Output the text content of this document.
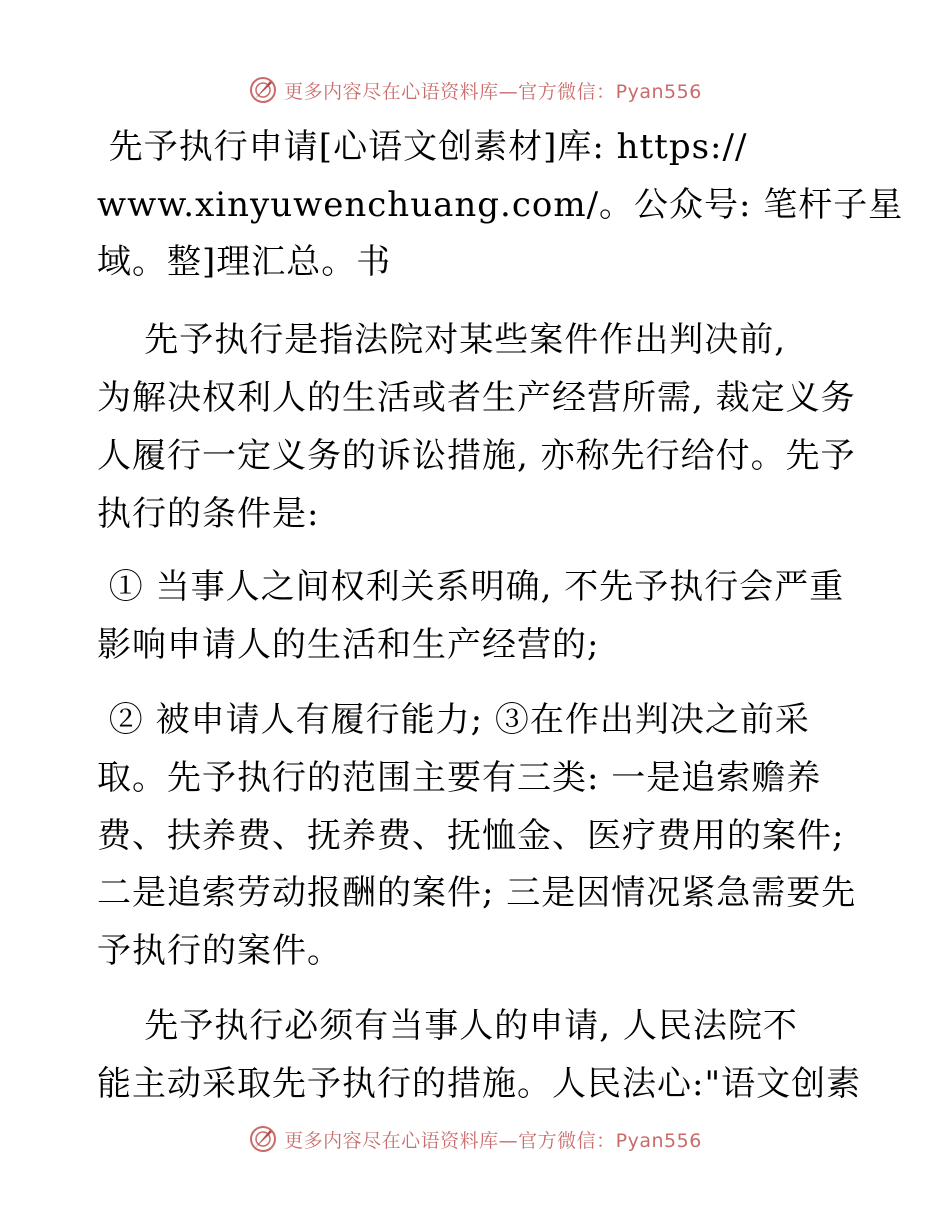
更多内容尽在心语资料库—官方微信：Pyan556
先予执行申请[心语文创素材]库: https://
www.xinyuwenchuang.com/。公众号: 笔杆子星
域。整]理汇总。书
先予执行是指法院对某些案件作出判决前,
为解决权利人的生活或者生产经营所需, 裁定义务
人履行一定义务的诉讼措施, 亦称先行给付。先予
执行的条件是:
① 当事人之间权利关系明确, 不先予执行会严重
影响申请人的生活和生产经营的;
② 被申请人有履行能力; ③在作出判决之前采
取。先予执行的范围主要有三类: 一是追索赡养
费、扶养费、抚养费、抚恤金、医疗费用的案件;
二是追索劳动报酬的案件; 三是因情况紧急需要先
予执行的案件。
先予执行必须有当事人的申请, 人民法院不
能主动采取先予执行的措施。人民法心:"语文创素
更多内容尽在心语资料库—官方微信：Pyan556
